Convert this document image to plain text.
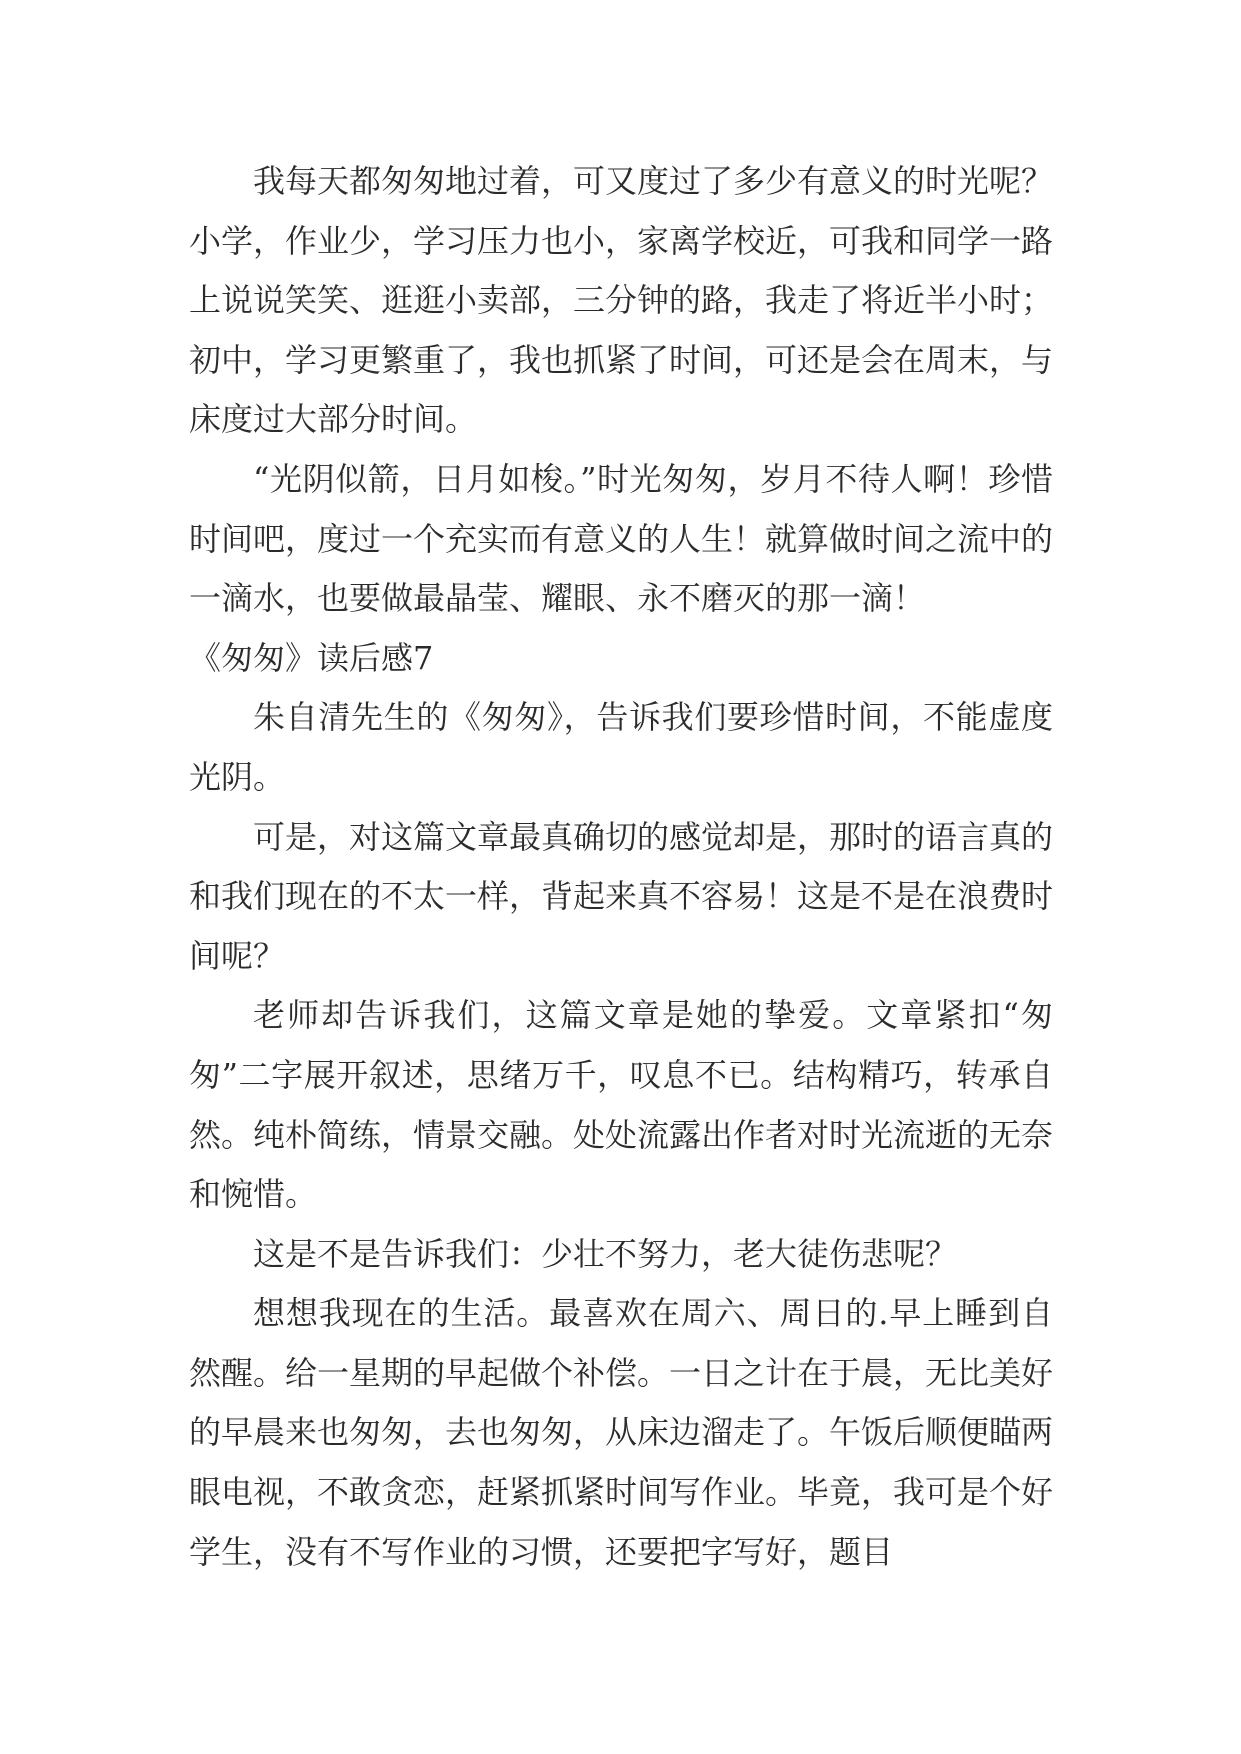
我每天都匆匆地过着，可又度过了多少有意义的时光呢？小学，作业少，学习压力也小，家离学校近，可我和同学一路上说说笑笑、逛逛小卖部，三分钟的路，我走了将近半小时；初中，学习更繁重了，我也抓紧了时间，可还是会在周末，与床度过大部分时间。

“光阴似箭，日月如梭。”时光匆匆，岁月不待人啊！珍惜时间吧，度过一个充实而有意义的人生！就算做时间之流中的一滴水，也要做最晶莹、耀眼、永不磨灭的那一滴！

《匆匆》读后感7

朱自清先生的《匆匆》，告诉我们要珍惜时间，不能虚度光阴。

可是，对这篇文章最真确切的感觉却是，那时的语言真的和我们现在的不太一样，背起来真不容易！这是不是在浪费时间呢？

老师却告诉我们，这篇文章是她的挚爱。文章紧扣“匆匆”二字展开叙述，思绪万千，叹息不已。结构精巧，转承自然。纯朴简练，情景交融。处处流露出作者对时光流逝的无奈和惋惜。

这是不是告诉我们：少壮不努力，老大徒伤悲呢？

想想我现在的生活。最喜欢在周六、周日的.早上睡到自然醒。给一星期的早起做个补偿。一日之计在于晨，无比美好的早晨来也匆匆，去也匆匆，从床边溜走了。午饭后顺便瞄两眼电视，不敢贪恋，赶紧抓紧时间写作业。毕竟，我可是个好学生，没有不写作业的习惯，还要把字写好，题目
